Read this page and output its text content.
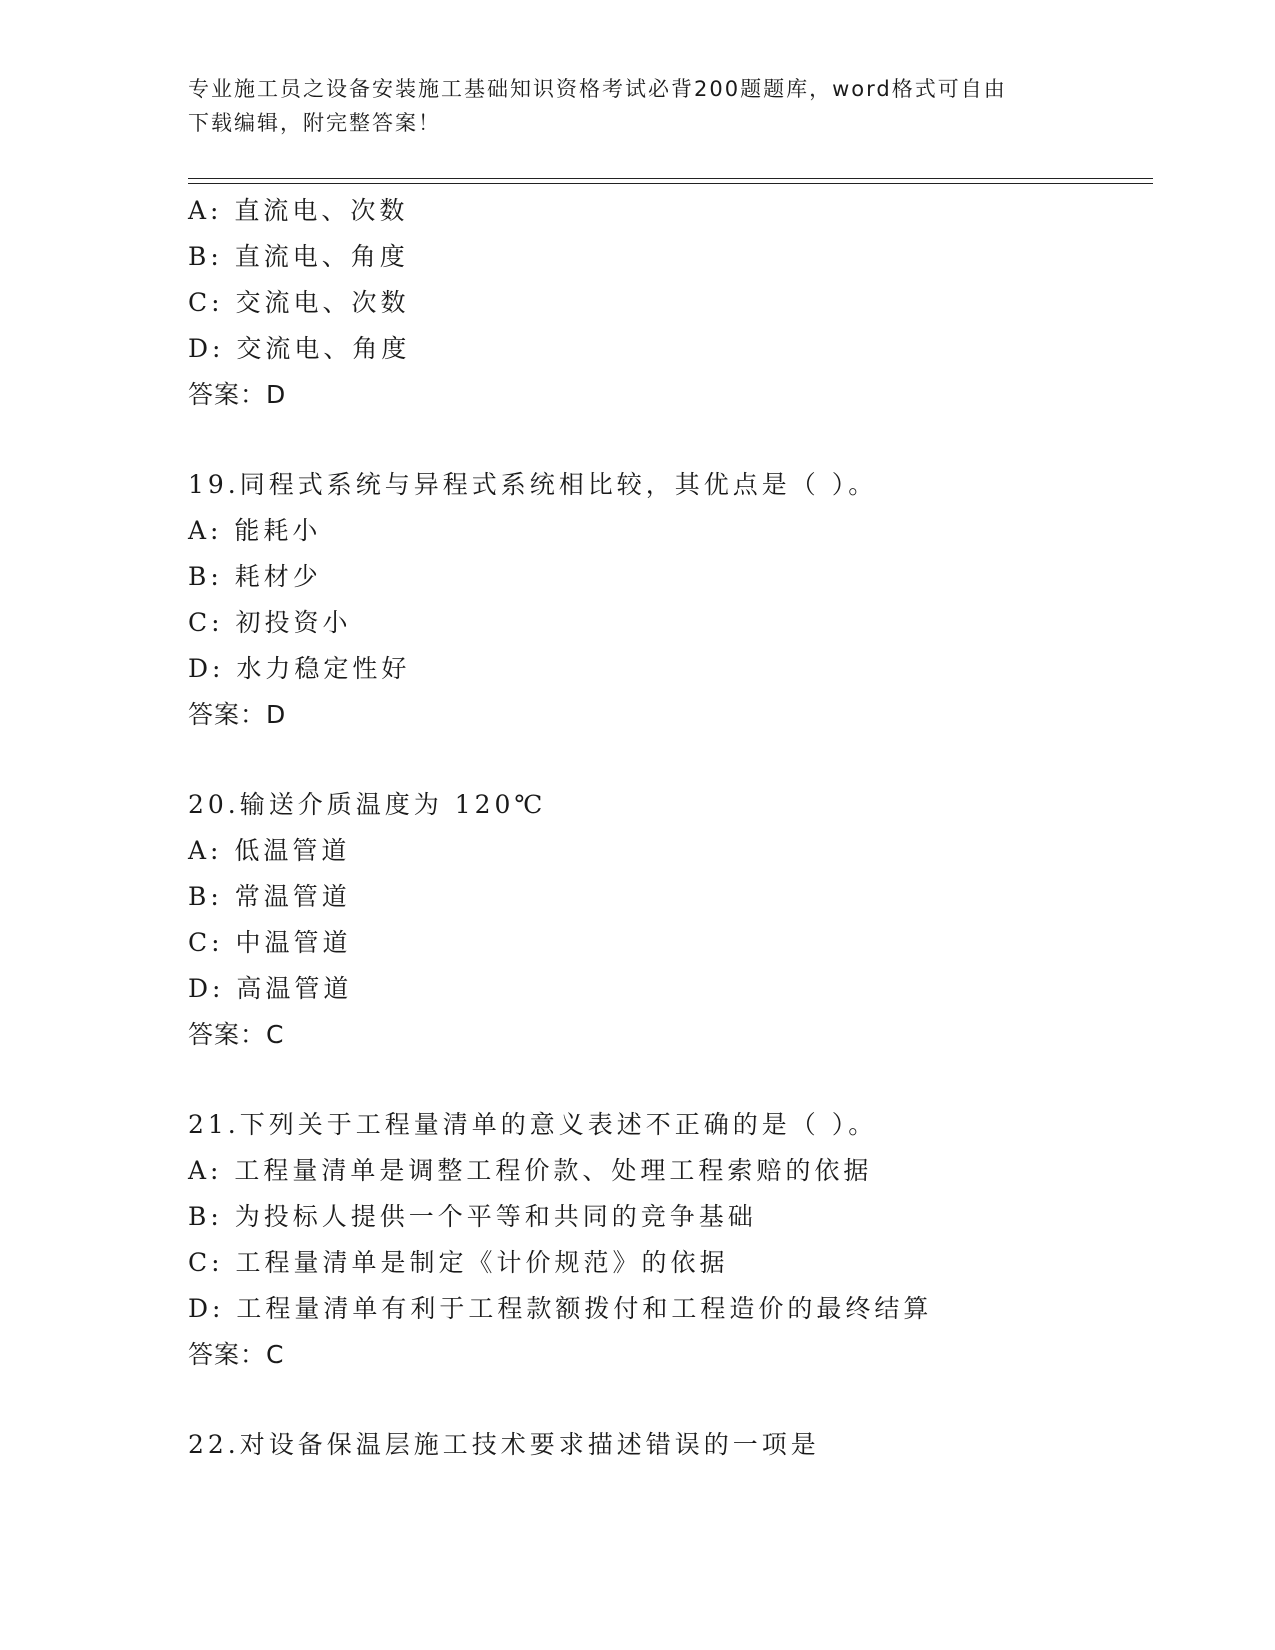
专业施工员之设备安装施工基础知识资格考试必背200题题库，word格式可自由
下载编辑，附完整答案！
A: 直流电、次数
B: 直流电、角度
C: 交流电、次数
D: 交流电、角度
答案：D
19.同程式系统与异程式系统相比较，其优点是（ ）。
A: 能耗小
B: 耗材少
C: 初投资小
D: 水力稳定性好
答案：D
20.输送介质温度为 120℃
A: 低温管道
B: 常温管道
C: 中温管道
D: 高温管道
答案：C
21.下列关于工程量清单的意义表述不正确的是（ ）。
A: 工程量清单是调整工程价款、处理工程索赔的依据
B: 为投标人提供一个平等和共同的竞争基础
C: 工程量清单是制定《计价规范》的依据
D: 工程量清单有利于工程款额拨付和工程造价的最终结算
答案：C
22.对设备保温层施工技术要求描述错误的一项是
